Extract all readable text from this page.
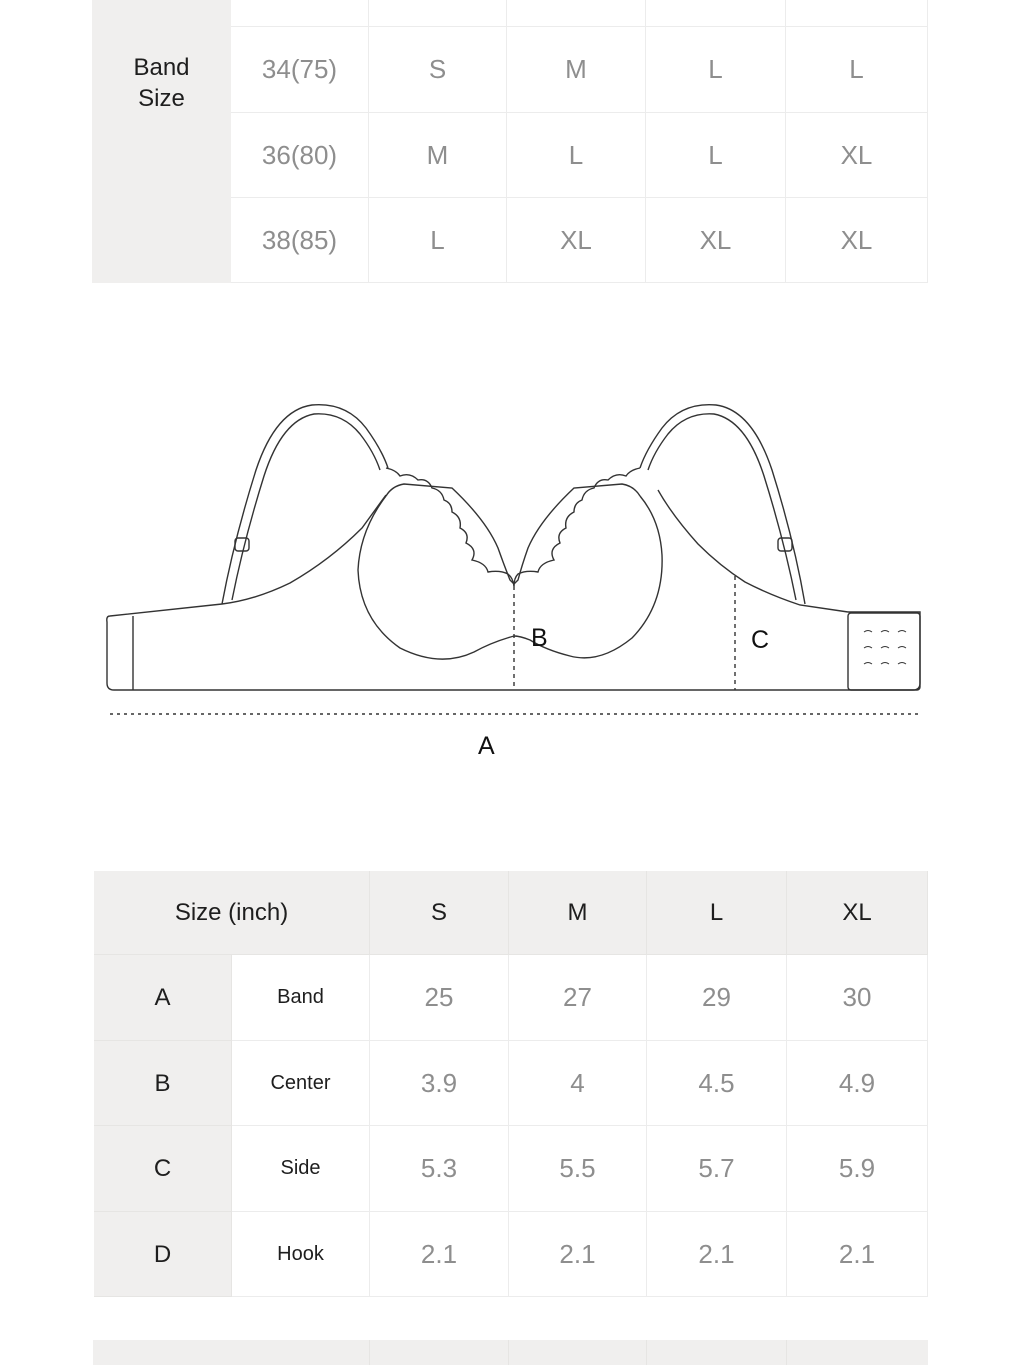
Band
Size
34(75)	S	M	L	L
36(80)	M	L	L	XL
38(85)	L	XL	XL	XL
B	C
A
Size (inch)	S	M	L	XL
A	Band	25	27	29	30
B	Center	3.9	4	4.5	4.9
C	Side	5.3	5.5	5.7	5.9
D	Hook	2.1	2.1	2.1	2.1
